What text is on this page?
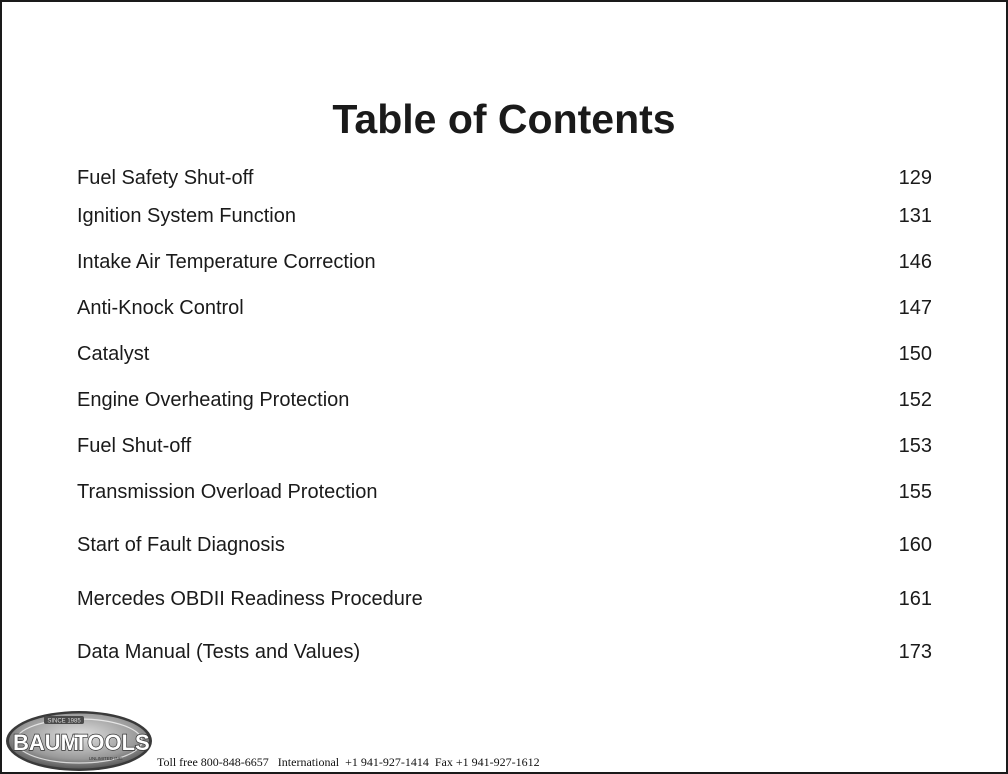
Table of Contents
Fuel Safety Shut-off	129
Ignition System Function	131
Intake Air Temperature Correction	146
Anti-Knock Control	147
Catalyst	150
Engine Overheating Protection	152
Fuel Shut-off	153
Transmission Overload Protection	155
Start of Fault Diagnosis	160
Mercedes OBDII Readiness Procedure	161
Data Manual (Tests and Values)	173
SINCE 1985
BAUM
TOOLS
UNLIMITED INC.	Toll free 800-848-6657   International  +1 941-927-1414  Fax +1 941-927-1612
